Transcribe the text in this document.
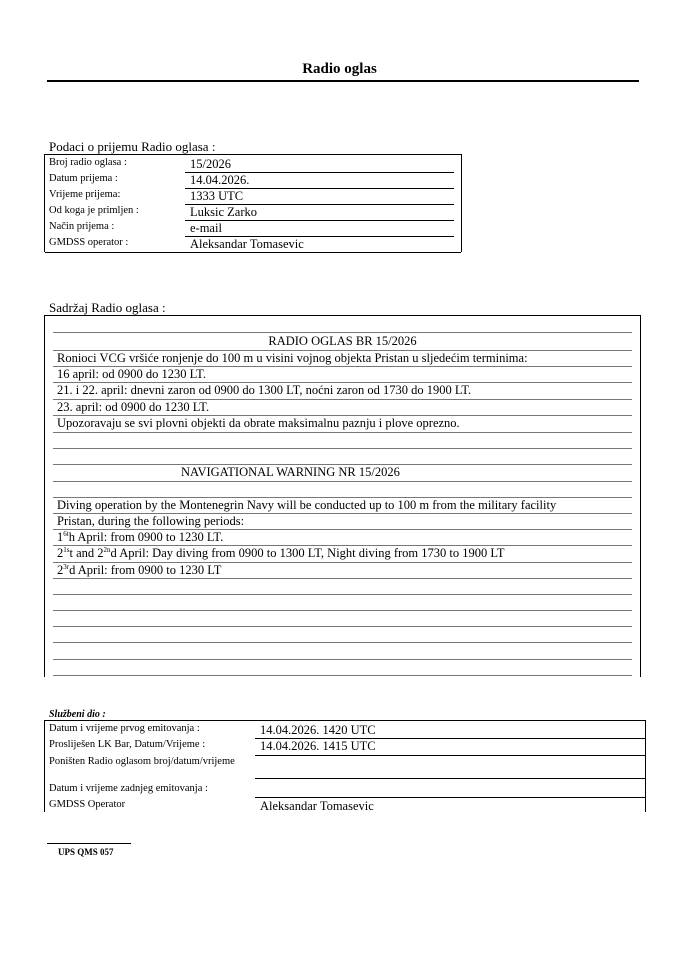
Radio oglas
Podaci o prijemu Radio oglasa :
Broj radio oglasa :	15/2026
Datum prijema :	14.04.2026.
Vrijeme prijema:	1333 UTC
Od koga je primljen :	Luksic Zarko
Način prijema :	e-mail
GMDSS operator :	Aleksandar Tomasevic
Sadržaj Radio oglasa :
RADIO OGLAS BR 15/2026
Ronioci VCG vršiće ronjenje do 100 m u visini vojnog objekta Pristan u sljedećim terminima:
16 april: od 0900 do 1230 LT.
21. i 22. april: dnevni zaron od 0900 do 1300 LT, noćni zaron od 1730 do 1900 LT.
23. april: od 0900 do 1230 LT.
Upozoravaju se svi plovni objekti da obrate maksimalnu paznju i plove oprezno.
NAVIGATIONAL WARNING NR 15/2026
Diving operation by the Montenegrin Navy will be conducted up to 100 m from the military facility
Pristan, during the following periods:
$1^{6t}h$ April: from 0900 to 1230 LT.
$2^{1s}t$ and $2^{2n}d$ April: Day diving from 0900 to 1300 LT, Night diving from 1730 to 1900 LT
$2^{3r}d$ April: from 0900 to 1230 LT
Službeni dio :
Datum i vrijeme prvog emitovanja :	14.04.2026. 1420 UTC
Prosliješen LK Bar, Datum/Vrijeme :	14.04.2026. 1415 UTC
Poništen Radio oglasom broj/datum/vrijeme
Datum i vrijeme zadnjeg emitovanja :
GMDSS Operator	Aleksandar Tomasevic
UPS QMS 057
